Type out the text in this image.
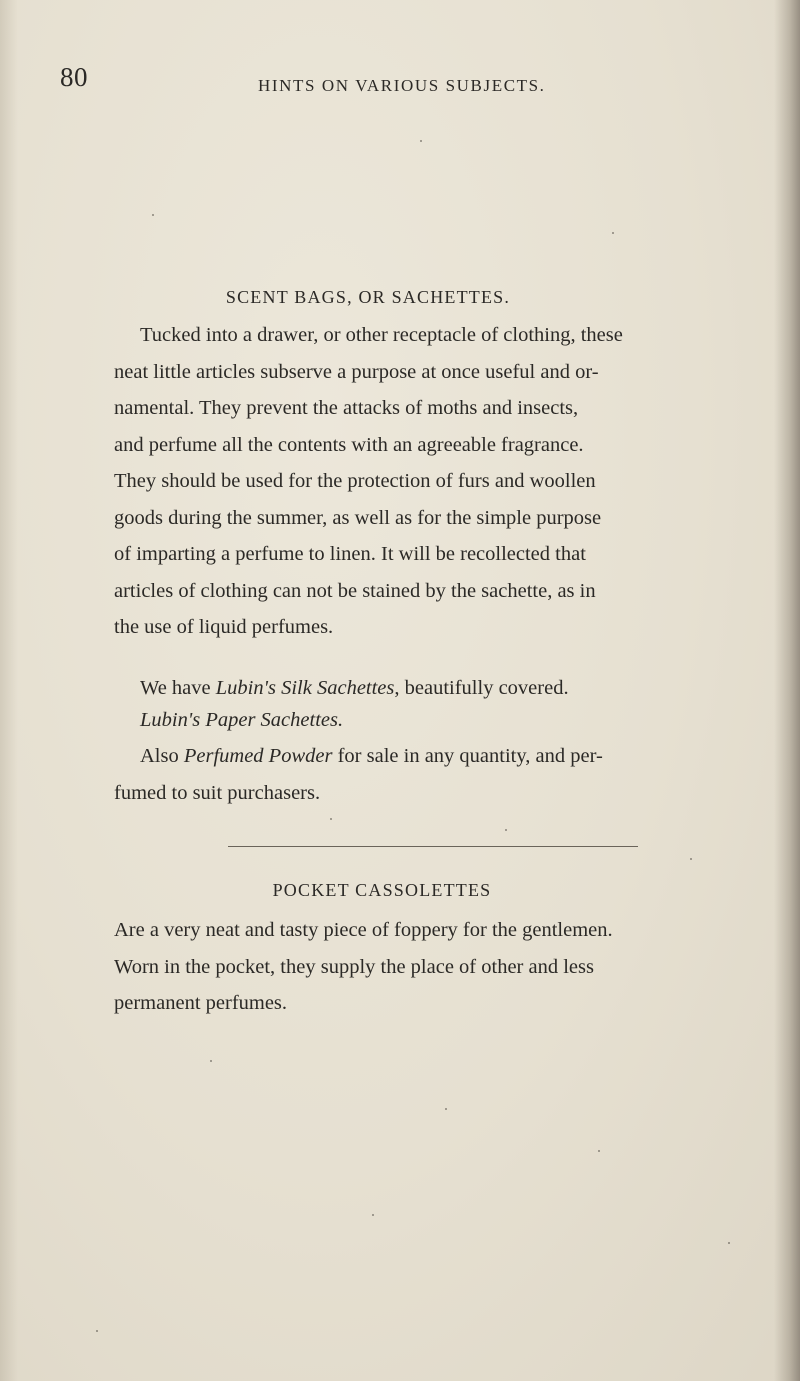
80	HINTS ON VARIOUS SUBJECTS.
SCENT BAGS, OR SACHETTES.
Tucked into a drawer, or other receptacle of clothing, these
neat little articles subserve a purpose at once useful and or-
namental. They prevent the attacks of moths and insects,
and perfume all the contents with an agreeable fragrance.
They should be used for the protection of furs and woollen
goods during the summer, as well as for the simple purpose
of imparting a perfume to linen. It will be recollected that
articles of clothing can not be stained by the sachette, as in
the use of liquid perfumes.
We have Lubin's Silk Sachettes, beautifully covered.
Lubin's Paper Sachettes.
Also Perfumed Powder for sale in any quantity, and per-
fumed to suit purchasers.
POCKET CASSOLETTES
Are a very neat and tasty piece of foppery for the gentlemen.
Worn in the pocket, they supply the place of other and less
permanent perfumes.
